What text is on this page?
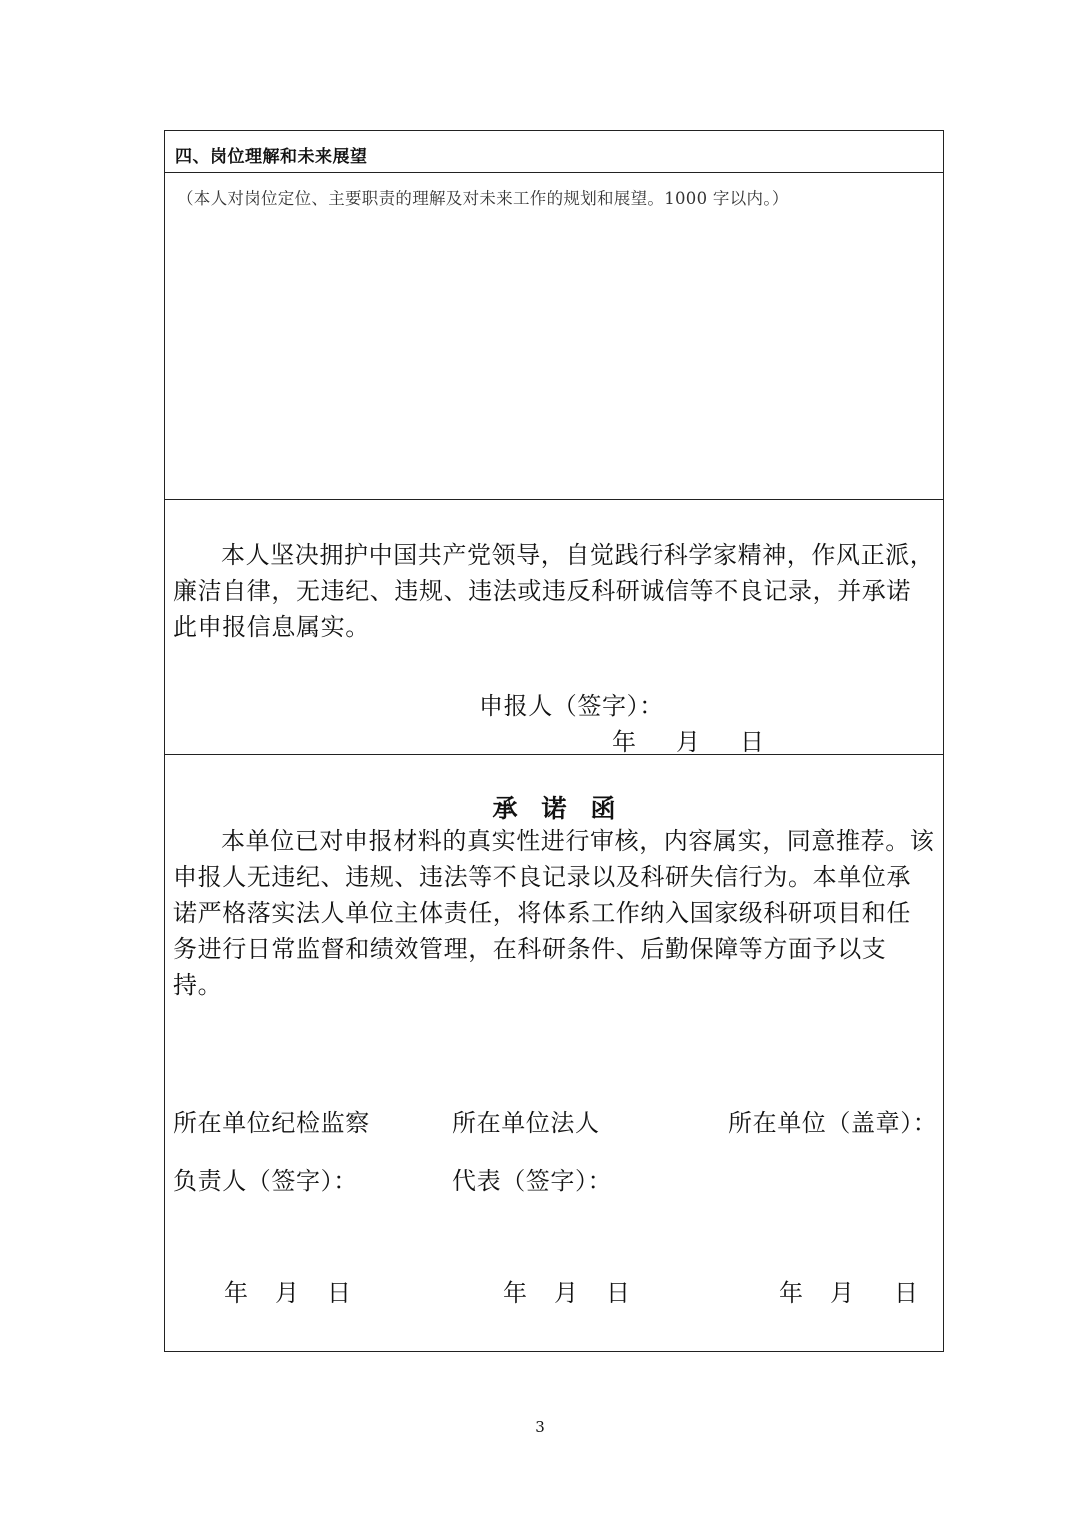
四、岗位理解和未来展望
（本人对岗位定位、主要职责的理解及对未来工作的规划和展望。1000 字以内。）

本人坚决拥护中国共产党领导，自觉践行科学家精神，作风正派，廉洁自律，无违纪、违规、违法或违反科研诚信等不良记录，并承诺此申报信息属实。

申报人（签字）：
年 月 日
承诺函

本单位已对申报材料的真实性进行审核，内容属实，同意推荐。该申报人无违纪、违规、违法等不良记录以及科研失信行为。本单位承诺严格落实法人单位主体责任，将体系工作纳入国家级科研项目和任务进行日常监督和绩效管理，在科研条件、后勤保障等方面予以支持。

所在单位纪检监察
负责人（签字）：
所在单位法人
代表（签字）：
所在单位（盖章）：
年 月 日	年 月 日	年 月 日
3
